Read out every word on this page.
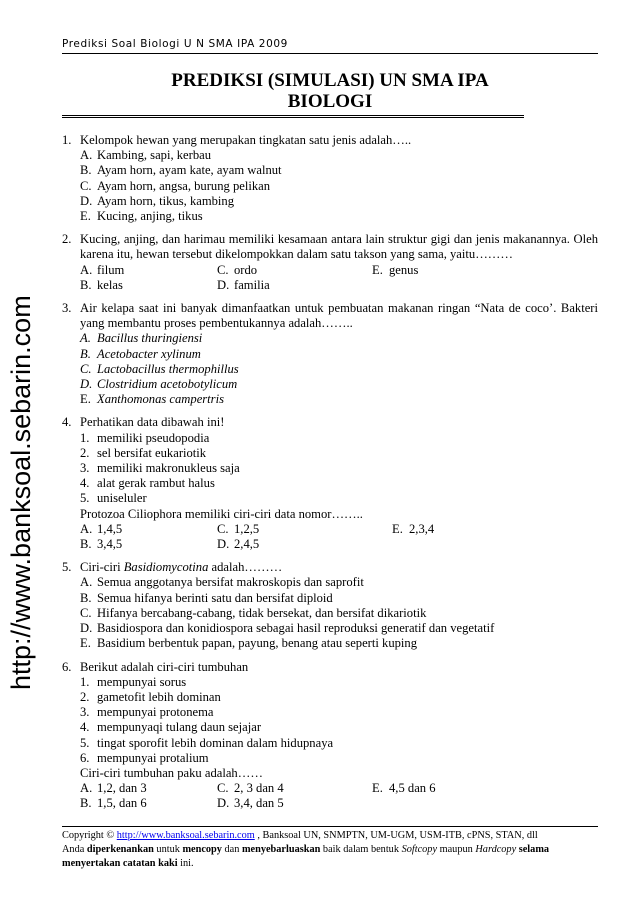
Prediksi Soal Biologi U N SMA IPA 2009
http://www.banksoal.sebarin.com
PREDIKSI (SIMULASI) UN SMA IPA
BIOLOGI
1. Kelompok hewan yang merupakan tingkatan satu jenis adalah…..
A. Kambing, sapi, kerbau
B. Ayam horn, ayam kate, ayam walnut
C. Ayam horn, angsa, burung pelikan
D. Ayam horn, tikus, kambing
E. Kucing, anjing, tikus
2. Kucing, anjing, dan harimau memiliki kesamaan antara lain struktur gigi dan jenis makanannya. Oleh karena itu, hewan tersebut dikelompokkan dalam satu takson yang sama, yaitu………
A. filum	C. ordo	E. genus
B. kelas	D. familia
3. Air kelapa saat ini banyak dimanfaatkan untuk pembuatan makanan ringan “Nata de coco’. Bakteri yang membantu proses pembentukannya adalah……..
A. Bacillus thuringiensi
B. Acetobacter xylinum
C. Lactobacillus thermophillus
D. Clostridium acetobotylicum
E. Xanthomonas campertris
4. Perhatikan data dibawah ini!
1. memiliki pseudopodia
2. sel bersifat eukariotik
3. memiliki makronukleus saja
4. alat gerak rambut halus
5. uniseluler
Protozoa Ciliophora memiliki ciri-ciri data nomor……..
A. 1,4,5	C. 1,2,5	E. 2,3,4
B. 3,4,5	D. 2,4,5
5. Ciri-ciri Basidiomycotina adalah………
A. Semua anggotanya bersifat makroskopis dan saprofit
B. Semua hifanya berinti satu dan bersifat diploid
C. Hifanya bercabang-cabang, tidak bersekat, dan bersifat dikariotik
D. Basidiospora dan konidiospora sebagai hasil reproduksi generatif dan vegetatif
E. Basidium berbentuk papan, payung, benang atau seperti kuping
6. Berikut adalah ciri-ciri tumbuhan
1. mempunyai sorus
2. gametofit lebih dominan
3. mempunyai protonema
4. mempunyaqi tulang daun sejajar
5. tingat sporofit lebih dominan dalam hidupnaya
6. mempunyai protalium
Ciri-ciri tumbuhan paku adalah……
A. 1,2, dan 3	C. 2, 3 dan 4	E. 4,5 dan 6
B. 1,5, dan 6	D. 3,4, dan 5
Copyright © http://www.banksoal.sebarin.com , Banksoal UN, SNMPTN, UM-UGM, USM-ITB, cPNS, STAN, dll
Anda diperkenankan untuk mencopy dan menyebarluaskan baik dalam bentuk Softcopy maupun Hardcopy selama
menyertakan catatan kaki ini.
